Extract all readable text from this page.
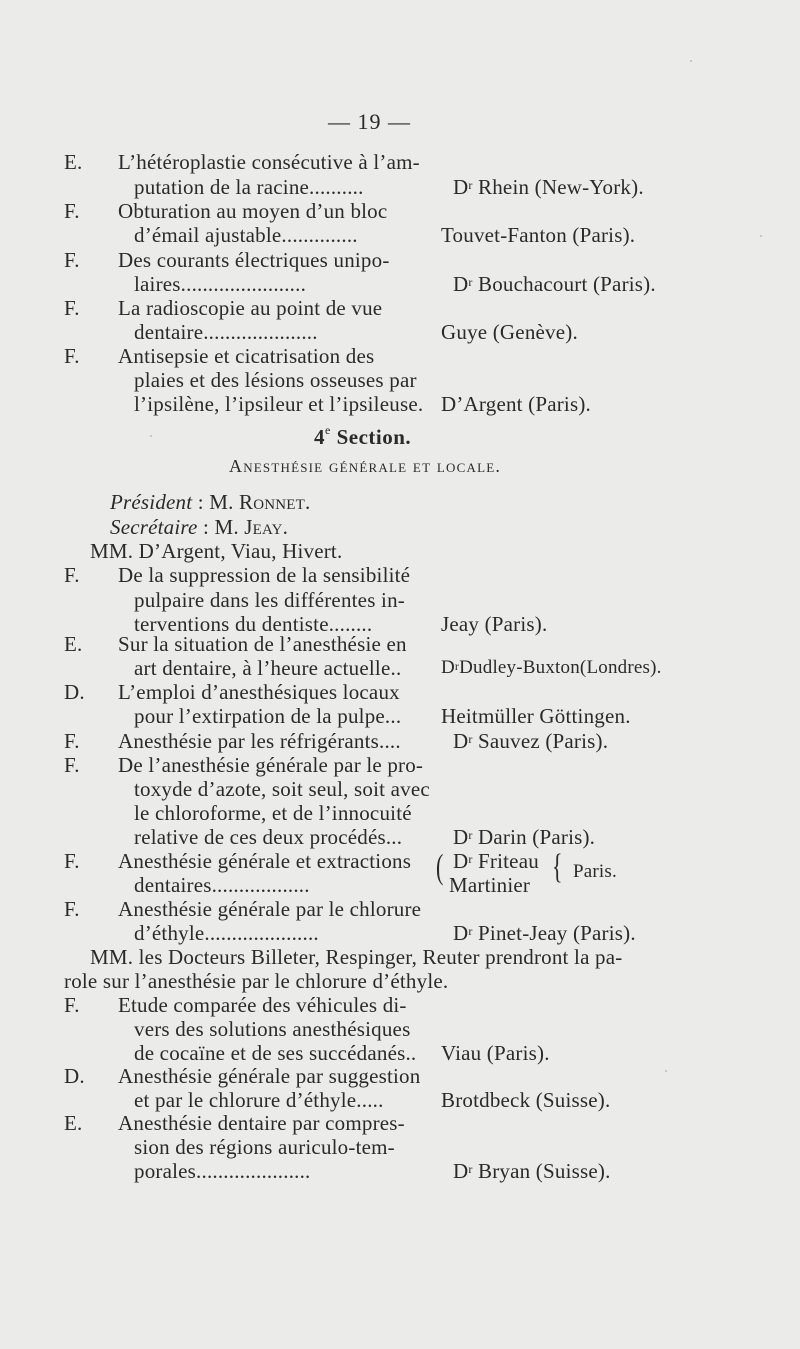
— 19 —
E. L’hétéroplastie consécutive à l’am-
putation de la racine..........	$D^r$ Rhein (New-York).
F. Obturation au moyen d’un bloc
d’émail ajustable..............	Touvet-Fanton (Paris).
F. Des courants électriques unipo-
laires.......................	$D^r$ Bouchacourt (Paris).
F. La radioscopie au point de vue
dentaire.....................	Guye (Genève).
F. Antisepsie et cicatrisation des
plaies et des lésions osseuses par
l’ipsilène, l’ipsileur et l’ipsileuse. D’Argent (Paris).
4e Section.
Anesthésie générale et locale.
Président : M. Ronnet.
Secrétaire : M. Jeay.
MM. D’Argent, Viau, Hivert.
F. De la suppression de la sensibilité
pulpaire dans les différentes in-
terventions du dentiste........	Jeay (Paris).
E. Sur la situation de l’anesthésie en
art dentaire, à l’heure actuelle.. $D^rDudley-Buxton(Londres)$.
D. L’emploi d’anesthésiques locaux
pour l’extirpation de la pulpe... Heitmüller Göttingen.
F. Anesthésie par les réfrigérants.... $D^r$ Sauvez (Paris).
F. De l’anesthésie générale par le pro-
toxyde d’azote, soit seul, soit avec
le chloroforme, et de l’innocuité
relative de ces deux procédés... $D^r$ Darin (Paris).
F. Anesthésie générale et extractions
dentaires..................	( $D^r$ Friteau
Martinier { Paris.
F. Anesthésie générale par le chlorure
d’éthyle.....................	$D^r$ Pinet-Jeay (Paris).
MM. les Docteurs Billeter, Respinger, Reuter prendront la pa-
role sur l’anesthésie par le chlorure d’éthyle.
F. Etude comparée des véhicules di-
vers des solutions anesthésiques
de cocaïne et de ses succédanés.. Viau (Paris).
D. Anesthésie générale par suggestion
et par le chlorure d’éthyle.....	Brotdbeck (Suisse).
E. Anesthésie dentaire par compres-
sion des régions auriculo-tem-
porales.....................	$D^r$ Bryan (Suisse).
